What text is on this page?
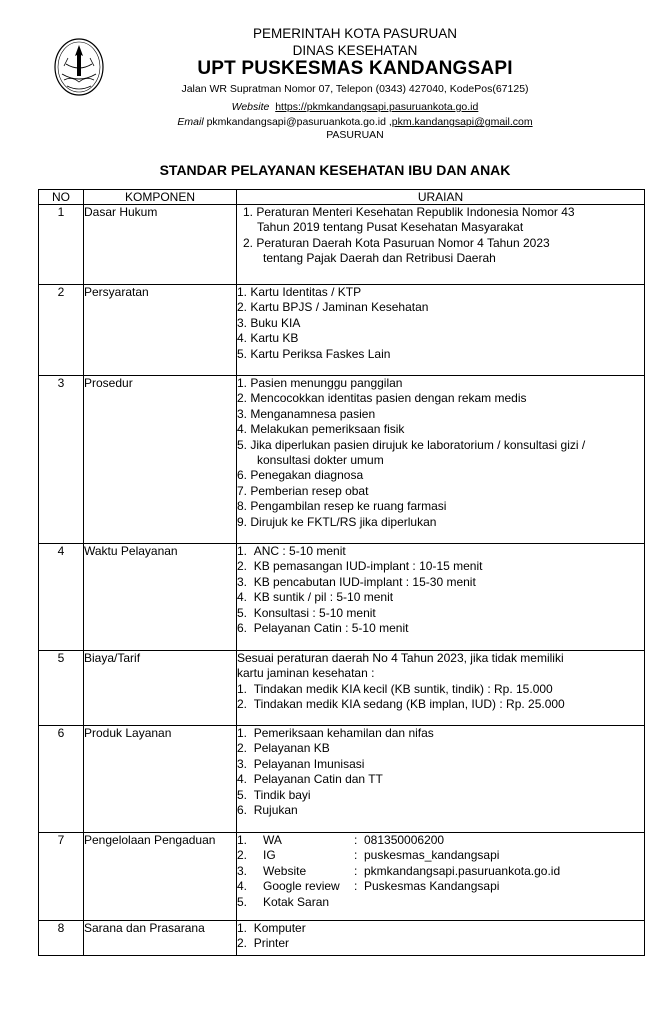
PEMERINTAH KOTA PASURUAN
DINAS KESEHATAN
UPT PUSKESMAS KANDANGSAPI
Jalan WR Supratman Nomor 07, Telepon (0343) 427040, KodePos(67125)
Website https://pkmkandangsapi.pasuruankota.go.id
Email pkmkandangsapi@pasuruankota.go.id ,pkm.kandangsapi@gmail.com
PASURUAN
STANDAR PELAYANAN KESEHATAN IBU DAN ANAK
NO	KOMPONEN	URAIAN
1	Dasar Hukum	1. Peraturan Menteri Kesehatan Republik Indonesia Nomor 43
Tahun 2019 tentang Pusat Kesehatan Masyarakat
2. Peraturan Daerah Kota Pasuruan Nomor 4 Tahun 2023
tentang Pajak Daerah dan Retribusi Daerah

2	Persyaratan	1. Kartu Identitas / KTP
2. Kartu BPJS / Jaminan Kesehatan
3. Buku KIA
4. Kartu KB
5. Kartu Periksa Faskes Lain

3	Prosedur	1. Pasien menunggu panggilan
2. Mencocokkan identitas pasien dengan rekam medis
3. Menganamnesa pasien
4. Melakukan pemeriksaan fisik
5. Jika diperlukan pasien dirujuk ke laboratorium / konsultasi gizi /
konsultasi dokter umum
6. Penegakan diagnosa
7. Pemberian resep obat
8. Pengambilan resep ke ruang farmasi
9. Dirujuk ke FKTL/RS jika diperlukan

4	Waktu Pelayanan	1. ANC : 5-10 menit
2. KB pemasangan IUD-implant : 10-15 menit
3. KB pencabutan IUD-implant : 15-30 menit
4. KB suntik / pil : 5-10 menit
5. Konsultasi : 5-10 menit
6. Pelayanan Catin : 5-10 menit

5	Biaya/Tarif	Sesuai peraturan daerah No 4 Tahun 2023, jika tidak memiliki
kartu jaminan kesehatan :
1. Tindakan medik KIA kecil (KB suntik, tindik) : Rp. 15.000
2. Tindakan medik KIA sedang (KB implan, IUD) : Rp. 25.000

6	Produk Layanan	1. Pemeriksaan kehamilan dan nifas
2. Pelayanan KB
3. Pelayanan Imunisasi
4. Pelayanan Catin dan TT
5. Tindik bayi
6. Rujukan

7	Pengelolaan Pengaduan	1.	WA	:	081350006200
2.	IG	:	puskesmas_kandangsapi
3.	Website	:	pkmkandangsapi.pasuruankota.go.id
4.	Google review	:	Puskesmas Kandangsapi
5.	Kotak Saran

8	Sarana dan Prasarana	1. Komputer
2. Printer
